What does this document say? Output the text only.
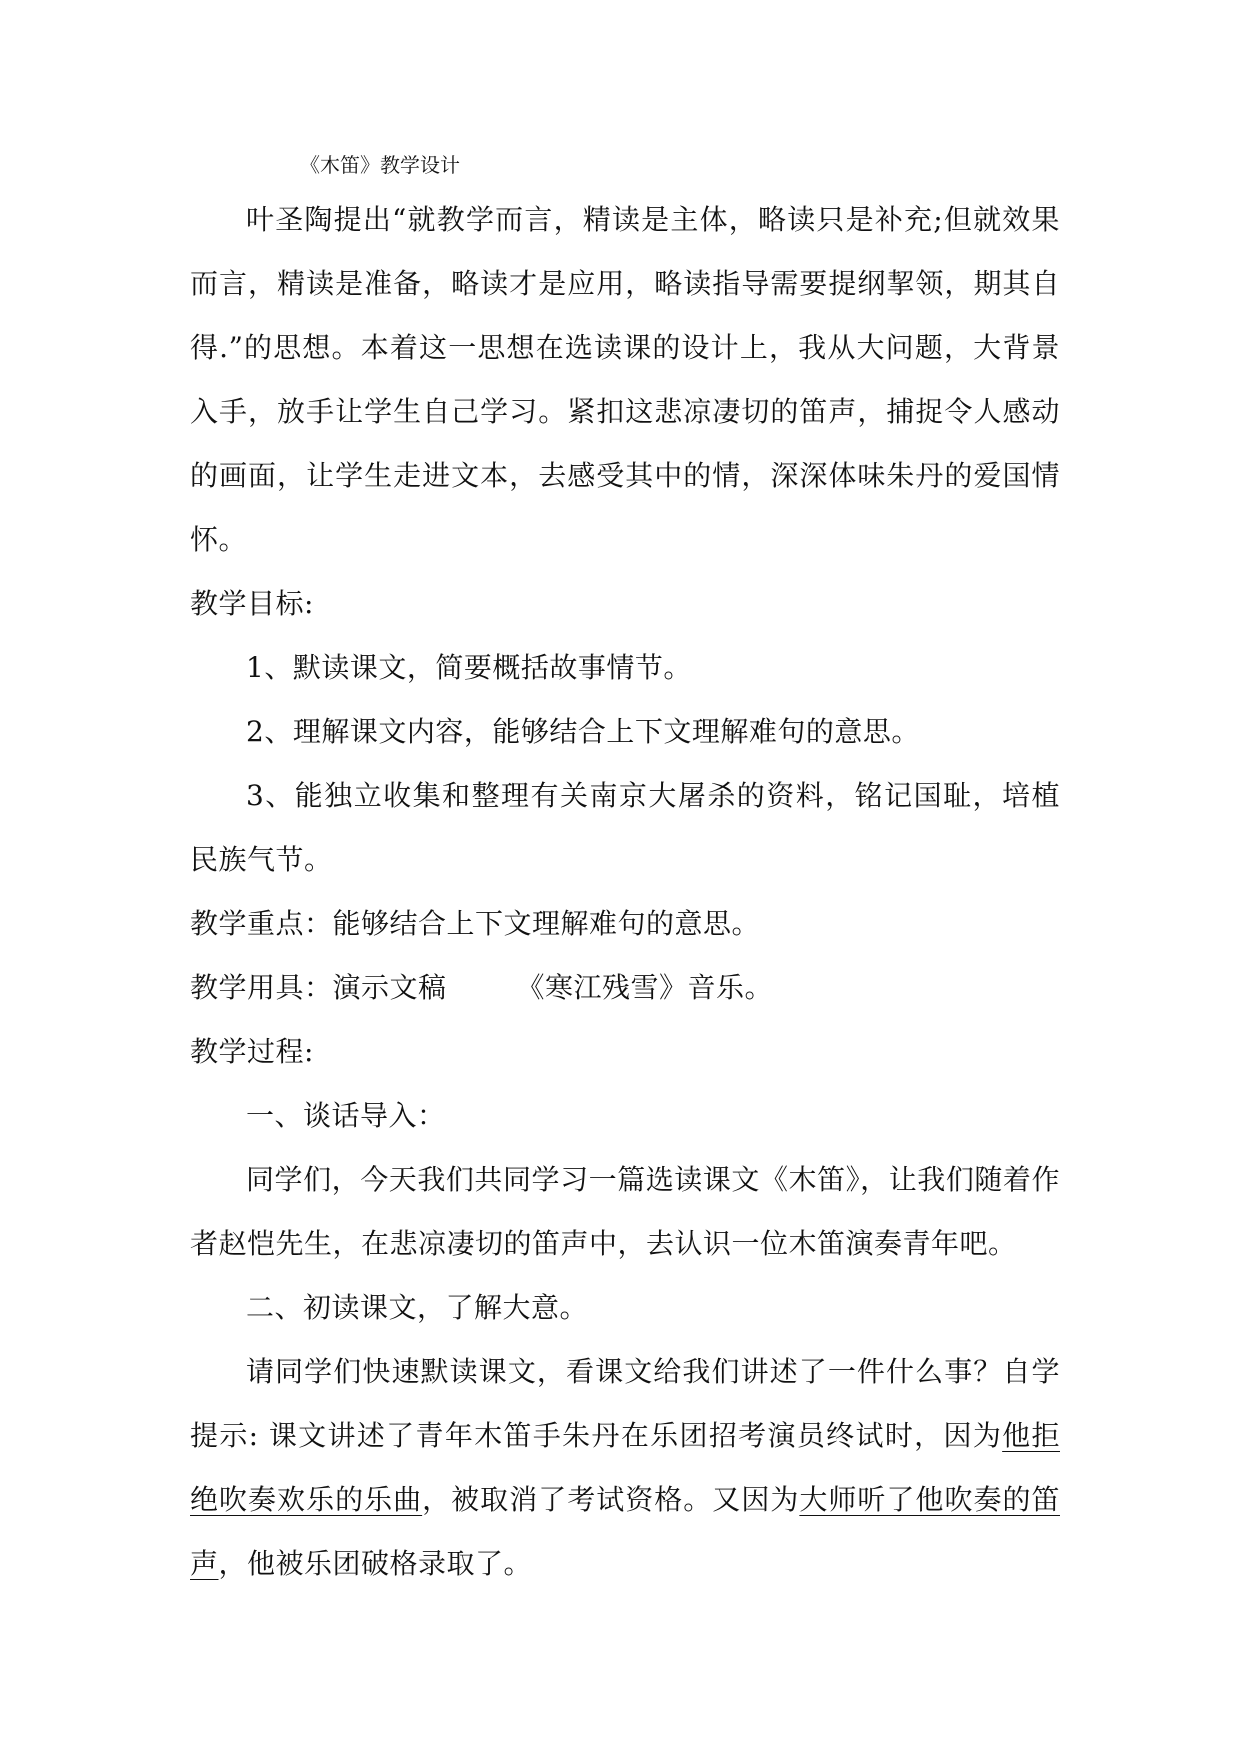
《木笛》教学设计

叶圣陶提出“就教学而言，精读是主体，略读只是补充;但就效果而言，精读是准备，略读才是应用，略读指导需要提纲挈领，期其自得.”的思想。本着这一思想在选读课的设计上，我从大问题，大背景入手，放手让学生自己学习。紧扣这悲凉凄切的笛声，捕捉令人感动的画面，让学生走进文本，去感受其中的情，深深体味朱丹的爱国情怀。

教学目标:

1、默读课文，简要概括故事情节。

2、理解课文内容，能够结合上下文理解难句的意思。

3、能独立收集和整理有关南京大屠杀的资料，铭记国耻，培植民族气节。

教学重点：能够结合上下文理解难句的意思。

教学用具：演示文稿	《寒江残雪》音乐。

教学过程:

一、谈话导入：

同学们，今天我们共同学习一篇选读课文《木笛》，让我们随着作者赵恺先生，在悲凉凄切的笛声中，去认识一位木笛演奏青年吧。

二、初读课文，了解大意。

请同学们快速默读课文，看课文给我们讲述了一件什么事？自学提示: 课文讲述了青年木笛手朱丹在乐团招考演员终试时，因为他拒绝吹奏欢乐的乐曲，被取消了考试资格。又因为大师听了他吹奏的笛声，他被乐团破格录取了。
